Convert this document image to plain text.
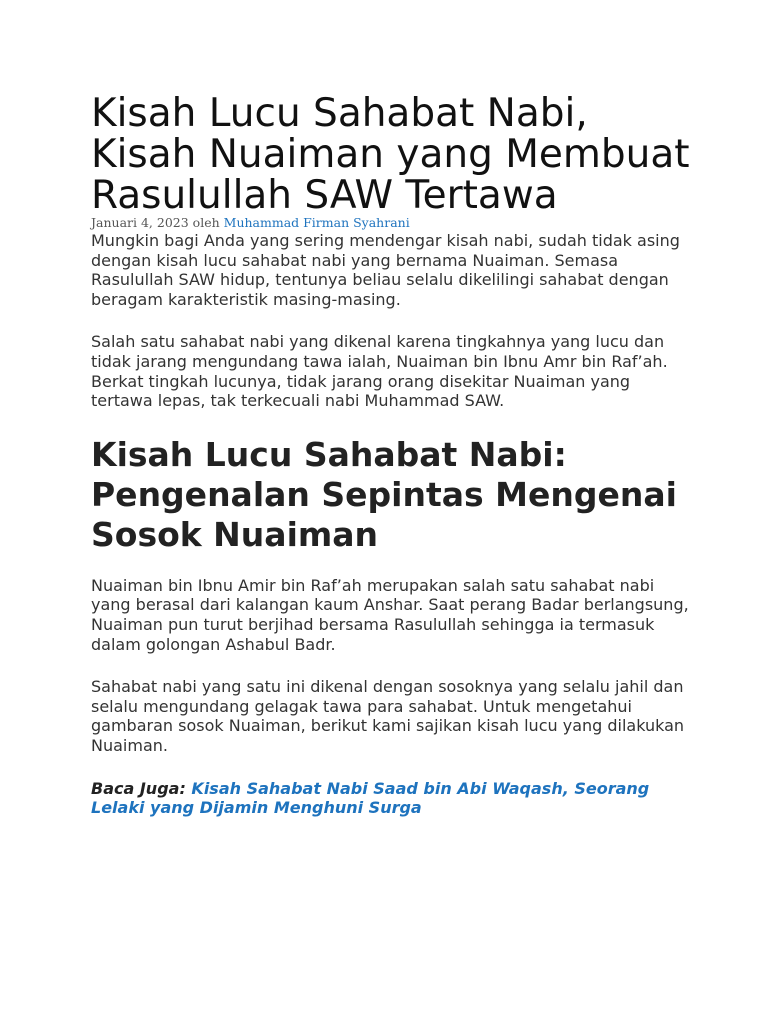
Kisah Lucu Sahabat Nabi, Kisah Nuaiman yang Membuat Rasulullah SAW Tertawa
Januari 4, 2023 oleh Muhammad Firman Syahrani

Mungkin bagi Anda yang sering mendengar kisah nabi, sudah tidak asing dengan kisah lucu sahabat nabi yang bernama Nuaiman. Semasa Rasulullah SAW hidup, tentunya beliau selalu dikelilingi sahabat dengan beragam karakteristik masing-masing.

Salah satu sahabat nabi yang dikenal karena tingkahnya yang lucu dan tidak jarang mengundang tawa ialah, Nuaiman bin Ibnu Amr bin Raf’ah. Berkat tingkah lucunya, tidak jarang orang disekitar Nuaiman yang tertawa lepas, tak terkecuali nabi Muhammad SAW.

Kisah Lucu Sahabat Nabi: Pengenalan Sepintas Mengenai Sosok Nuaiman

Nuaiman bin Ibnu Amir bin Raf’ah merupakan salah satu sahabat nabi yang berasal dari kalangan kaum Anshar. Saat perang Badar berlangsung, Nuaiman pun turut berjihad bersama Rasulullah sehingga ia termasuk dalam golongan Ashabul Badr.

Sahabat nabi yang satu ini dikenal dengan sosoknya yang selalu jahil dan selalu mengundang gelagak tawa para sahabat. Untuk mengetahui gambaran sosok Nuaiman, berikut kami sajikan kisah lucu yang dilakukan Nuaiman.

Baca Juga: Kisah Sahabat Nabi Saad bin Abi Waqash, Seorang Lelaki yang Dijamin Menghuni Surga
